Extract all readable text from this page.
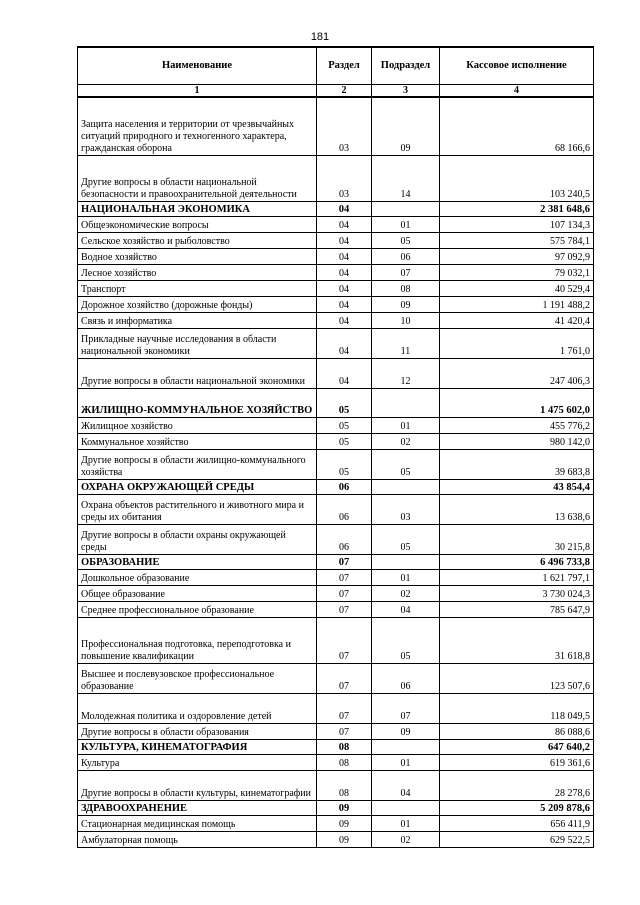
181
Наименование	Раздел	Подраздел	Кассовое исполнение
1	2	3	4
Защита населения и территории от чрезвычайных ситуаций природного и техногенного характера, гражданская оборона	03	09	68 166,6
Другие вопросы в области национальной безопасности и правоохранительной деятельности	03	14	103 240,5
НАЦИОНАЛЬНАЯ ЭКОНОМИКА	04		2 381 648,6
Общеэкономические вопросы	04	01	107 134,3
Сельское хозяйство и рыболовство	04	05	575 784,1
Водное хозяйство	04	06	97 092,9
Лесное хозяйство	04	07	79 032,1
Транспорт	04	08	40 529,4
Дорожное хозяйство (дорожные фонды)	04	09	1 191 488,2
Связь и информатика	04	10	41 420,4
Прикладные научные исследования в области национальной экономики	04	11	1 761,0
Другие вопросы в области национальной экономики	04	12	247 406,3
ЖИЛИЩНО-КОММУНАЛЬНОЕ ХОЗЯЙСТВО	05		1 475 602,0
Жилищное хозяйство	05	01	455 776,2
Коммунальное хозяйство	05	02	980 142,0
Другие вопросы в области жилищно-коммунального хозяйства	05	05	39 683,8
ОХРАНА ОКРУЖАЮЩЕЙ СРЕДЫ	06		43 854,4
Охрана объектов растительного и животного мира и среды их обитания	06	03	13 638,6
Другие вопросы в области охраны окружающей среды	06	05	30 215,8
ОБРАЗОВАНИЕ	07		6 496 733,8
Дошкольное образование	07	01	1 621 797,1
Общее образование	07	02	3 730 024,3
Среднее профессиональное образование	07	04	785 647,9
Профессиональная подготовка, переподготовка и повышение квалификации	07	05	31 618,8
Высшее и послевузовское профессиональное образование	07	06	123 507,6
Молодежная политика и оздоровление детей	07	07	118 049,5
Другие вопросы в области образования	07	09	86 088,6
КУЛЬТУРА, КИНЕМАТОГРАФИЯ	08		647 640,2
Культура	08	01	619 361,6
Другие вопросы в области культуры, кинематографии	08	04	28 278,6
ЗДРАВООХРАНЕНИЕ	09		5 209 878,6
Стационарная медицинская помощь	09	01	656 411,9
Амбулаторная помощь	09	02	629 522,5
